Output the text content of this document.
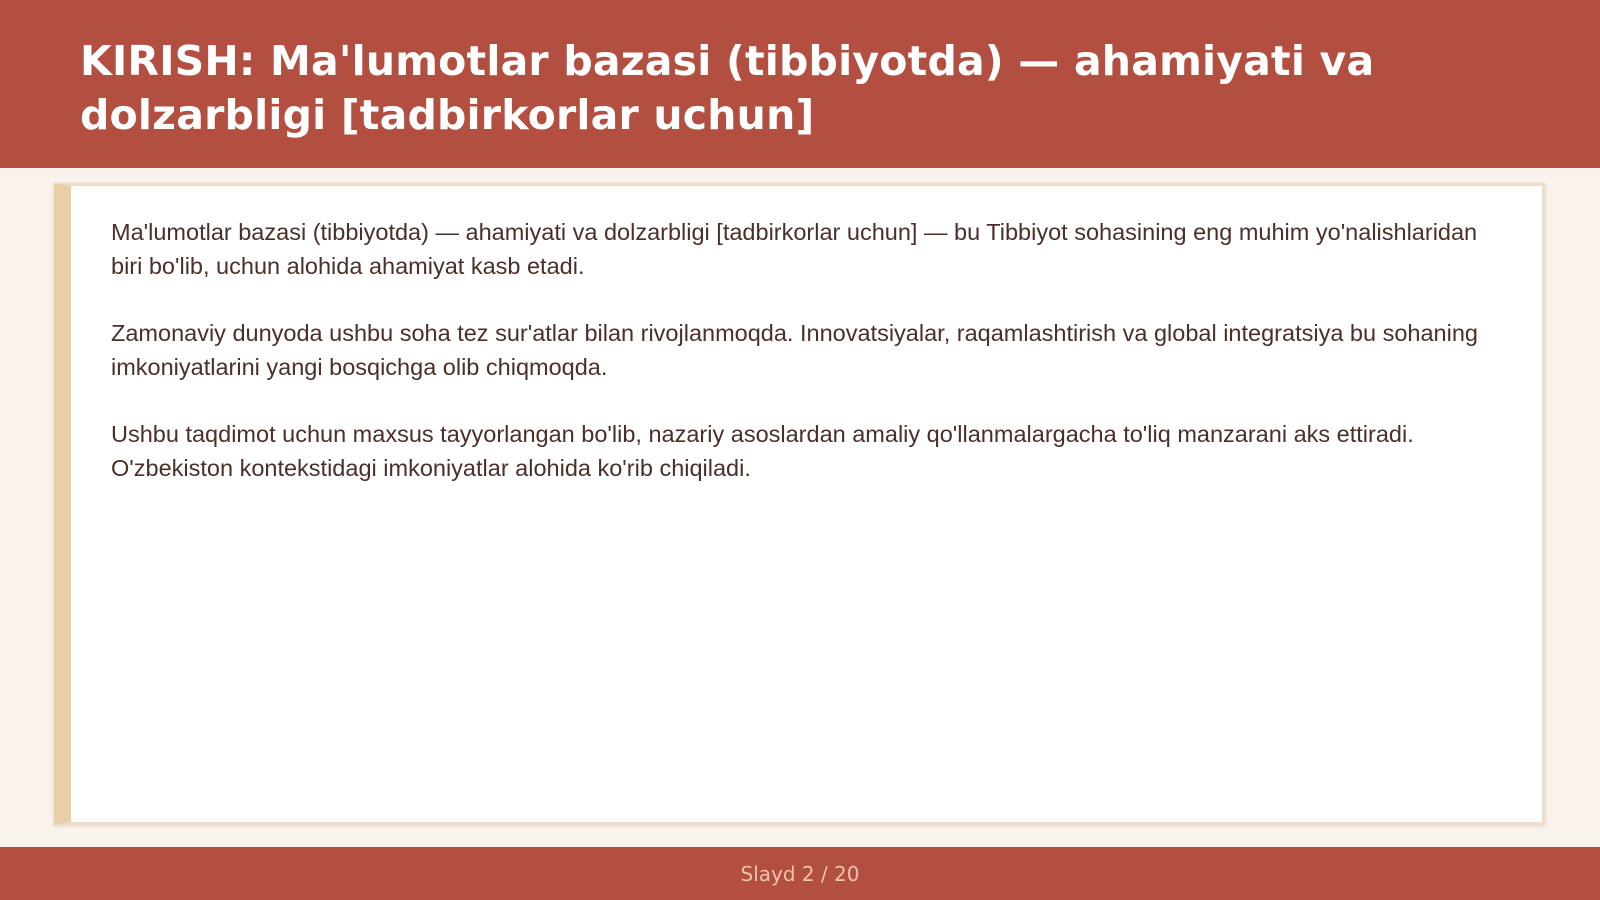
KIRISH: Ma'lumotlar bazasi (tibbiyotda) — ahamiyati va dolzarbligi [tadbirkorlar uchun]

Ma'lumotlar bazasi (tibbiyotda) — ahamiyati va dolzarbligi [tadbirkorlar uchun] — bu Tibbiyot sohasining eng muhim yo'nalishlaridan biri bo'lib, uchun alohida ahamiyat kasb etadi.

Zamonaviy dunyoda ushbu soha tez sur'atlar bilan rivojlanmoqda. Innovatsiyalar, raqamlashtirish va global integratsiya bu sohaning imkoniyatlarini yangi bosqichga olib chiqmoqda.

Ushbu taqdimot uchun maxsus tayyorlangan bo'lib, nazariy asoslardan amaliy qo'llanmalargacha to'liq manzarani aks ettiradi. O'zbekiston kontekstidagi imkoniyatlar alohida ko'rib chiqiladi.

Slayd 2 / 20
